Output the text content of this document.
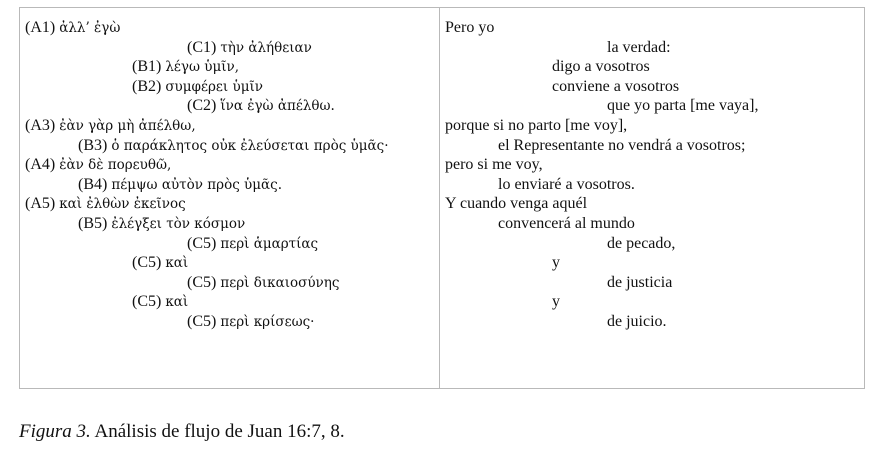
(A1) ἀλλ’ ἐγὼ
(C1) τὴν ἀλήθειαν
(B1) λέγω ὑμῖν,
(B2) συμφέρει ὑμῖν
(C2) ἵνα ἐγὼ ἀπέλθω.
(A3) ἐὰν γὰρ μὴ ἀπέλθω,
(B3) ὁ παράκλητος οὐκ ἐλεύσεται πρὸς ὑμᾶς·
(A4) ἐὰν δὲ πορευθῶ,
(B4) πέμψω αὐτὸν πρὸς ὑμᾶς.
(A5) καὶ ἐλθὼν ἐκεῖνος
(B5) ἐλέγξει τὸν κόσμον
(C5) περὶ ἁμαρτίας
(C5) καὶ
(C5) περὶ δικαιοσύνης
(C5) καὶ
(C5) περὶ κρίσεως·
Pero yo
la verdad:
digo a vosotros
conviene a vosotros
que yo parta [me vaya],
porque si no parto [me voy],
el Representante no vendrá a vosotros;
pero si me voy,
lo enviaré a vosotros.
Y cuando venga aquél
convencerá al mundo
de pecado,
y
de justicia
y
de juicio.
Figura 3. Análisis de flujo de Juan 16:7, 8.
